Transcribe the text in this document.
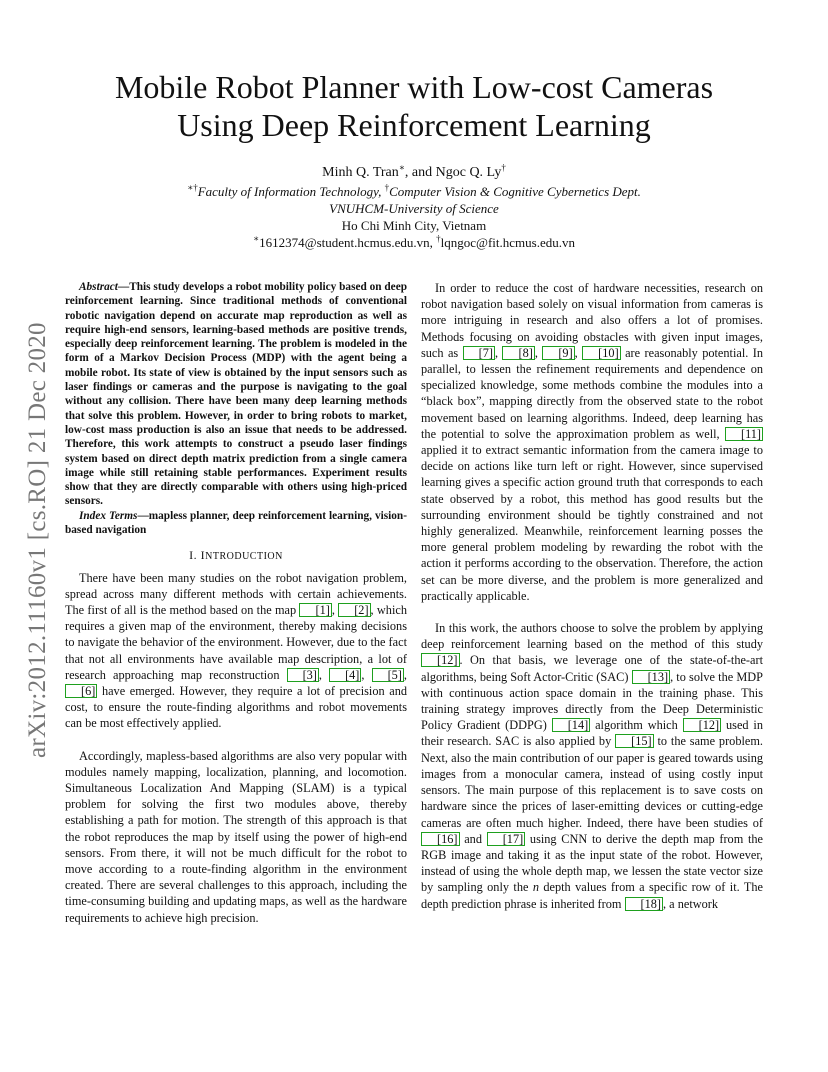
Mobile Robot Planner with Low-cost Cameras
Using Deep Reinforcement Learning
Minh Q. Tran∗, and Ngoc Q. Ly†
∗†Faculty of Information Technology, †Computer Vision & Cognitive Cybernetics Dept.
VNUHCM-University of Science
Ho Chi Minh City, Vietnam
∗1612374@student.hcmus.edu.vn, †lqngoc@fit.hcmus.edu.vn
arXiv:2012.11160v1 [cs.RO] 21 Dec 2020

Abstract—This study develops a robot mobility policy based on deep reinforcement learning. Since traditional methods of conventional robotic navigation depend on accurate map reproduction as well as require high-end sensors, learning-based methods are positive trends, especially deep reinforcement learning. The problem is modeled in the form of a Markov Decision Process (MDP) with the agent being a mobile robot. Its state of view is obtained by the input sensors such as laser findings or cameras and the purpose is navigating to the goal without any collision. There have been many deep learning methods that solve this problem. However, in order to bring robots to market, low-cost mass production is also an issue that needs to be addressed. Therefore, this work attempts to construct a pseudo laser findings system based on direct depth matrix prediction from a single camera image while still retaining stable performances. Experiment results show that they are directly comparable with others using high-priced sensors.

Index Terms—mapless planner, deep reinforcement learning, vision-based navigation

I. INTRODUCTION

There have been many studies on the robot navigation problem, spread across many different methods with certain achievements. The first of all is the method based on the map [1] , [2] , which requires a given map of the environment, thereby making decisions to navigate the behavior of the environment. However, due to the fact that not all environments have available map description, a lot of research approaching map reconstruction [3] , [4] , [5] , [6] have emerged. However, they require a lot of precision and cost, to ensure the route-finding algorithms and robot movements can be most effectively applied.

Accordingly, mapless-based algorithms are also very popular with modules namely mapping, localization, planning, and locomotion. Simultaneous Localization And Mapping (SLAM) is a typical problem for solving the first two modules above, thereby establishing a path for motion. The strength of this approach is that the robot reproduces the map by itself using the power of high-end sensors. From there, it will not be much difficult for the robot to move according to a route-finding algorithm in the environment created. There are several challenges to this approach, including the time-consuming building and updating maps, as well as the hardware requirements to achieve high precision.

In order to reduce the cost of hardware necessities, research on robot navigation based solely on visual information from cameras is more intriguing in research and also offers a lot of promises. Methods focusing on avoiding obstacles with given input images, such as [7] , [8] , [9] , [10] are reasonably potential. In parallel, to lessen the refinement requirements and dependence on specialized knowledge, some methods combine the modules into a “black box”, mapping directly from the observed state to the robot movement based on learning algorithms. Indeed, deep learning has the potential to solve the approximation problem as well, [11] applied it to extract semantic information from the camera image to decide on actions like turn left or right. However, since supervised learning gives a specific action ground truth that corresponds to each state observed by a robot, this method has good results but the surrounding environment should be tightly constrained and not highly generalized. Meanwhile, reinforcement learning posses the more general problem modeling by rewarding the robot with the action it performs according to the observation. Therefore, the action set can be more diverse, and the problem is more generalized and practically applicable.

In this work, the authors choose to solve the problem by applying deep reinforcement learning based on the method of this study [12] . On that basis, we leverage one of the state-of-the-art algorithms, being Soft Actor-Critic (SAC) [13] , to solve the MDP with continuous action space domain in the training phase. This training strategy improves directly from the Deep Deterministic Policy Gradient (DDPG) [14] algorithm which [12] used in their research. SAC is also applied by [15] to the same problem. Next, also the main contribution of our paper is geared towards using images from a monocular camera, instead of using costly input sensors. The main purpose of this replacement is to save costs on hardware since the prices of laser-emitting devices or cutting-edge cameras are often much higher. Indeed, there have been studies of [16] and [17] using CNN to derive the depth map from the RGB image and taking it as the input state of the robot. However, instead of using the whole depth map, we lessen the state vector size by sampling only the n depth values from a specific row of it. The depth prediction phrase is inherited from [18] , a network
